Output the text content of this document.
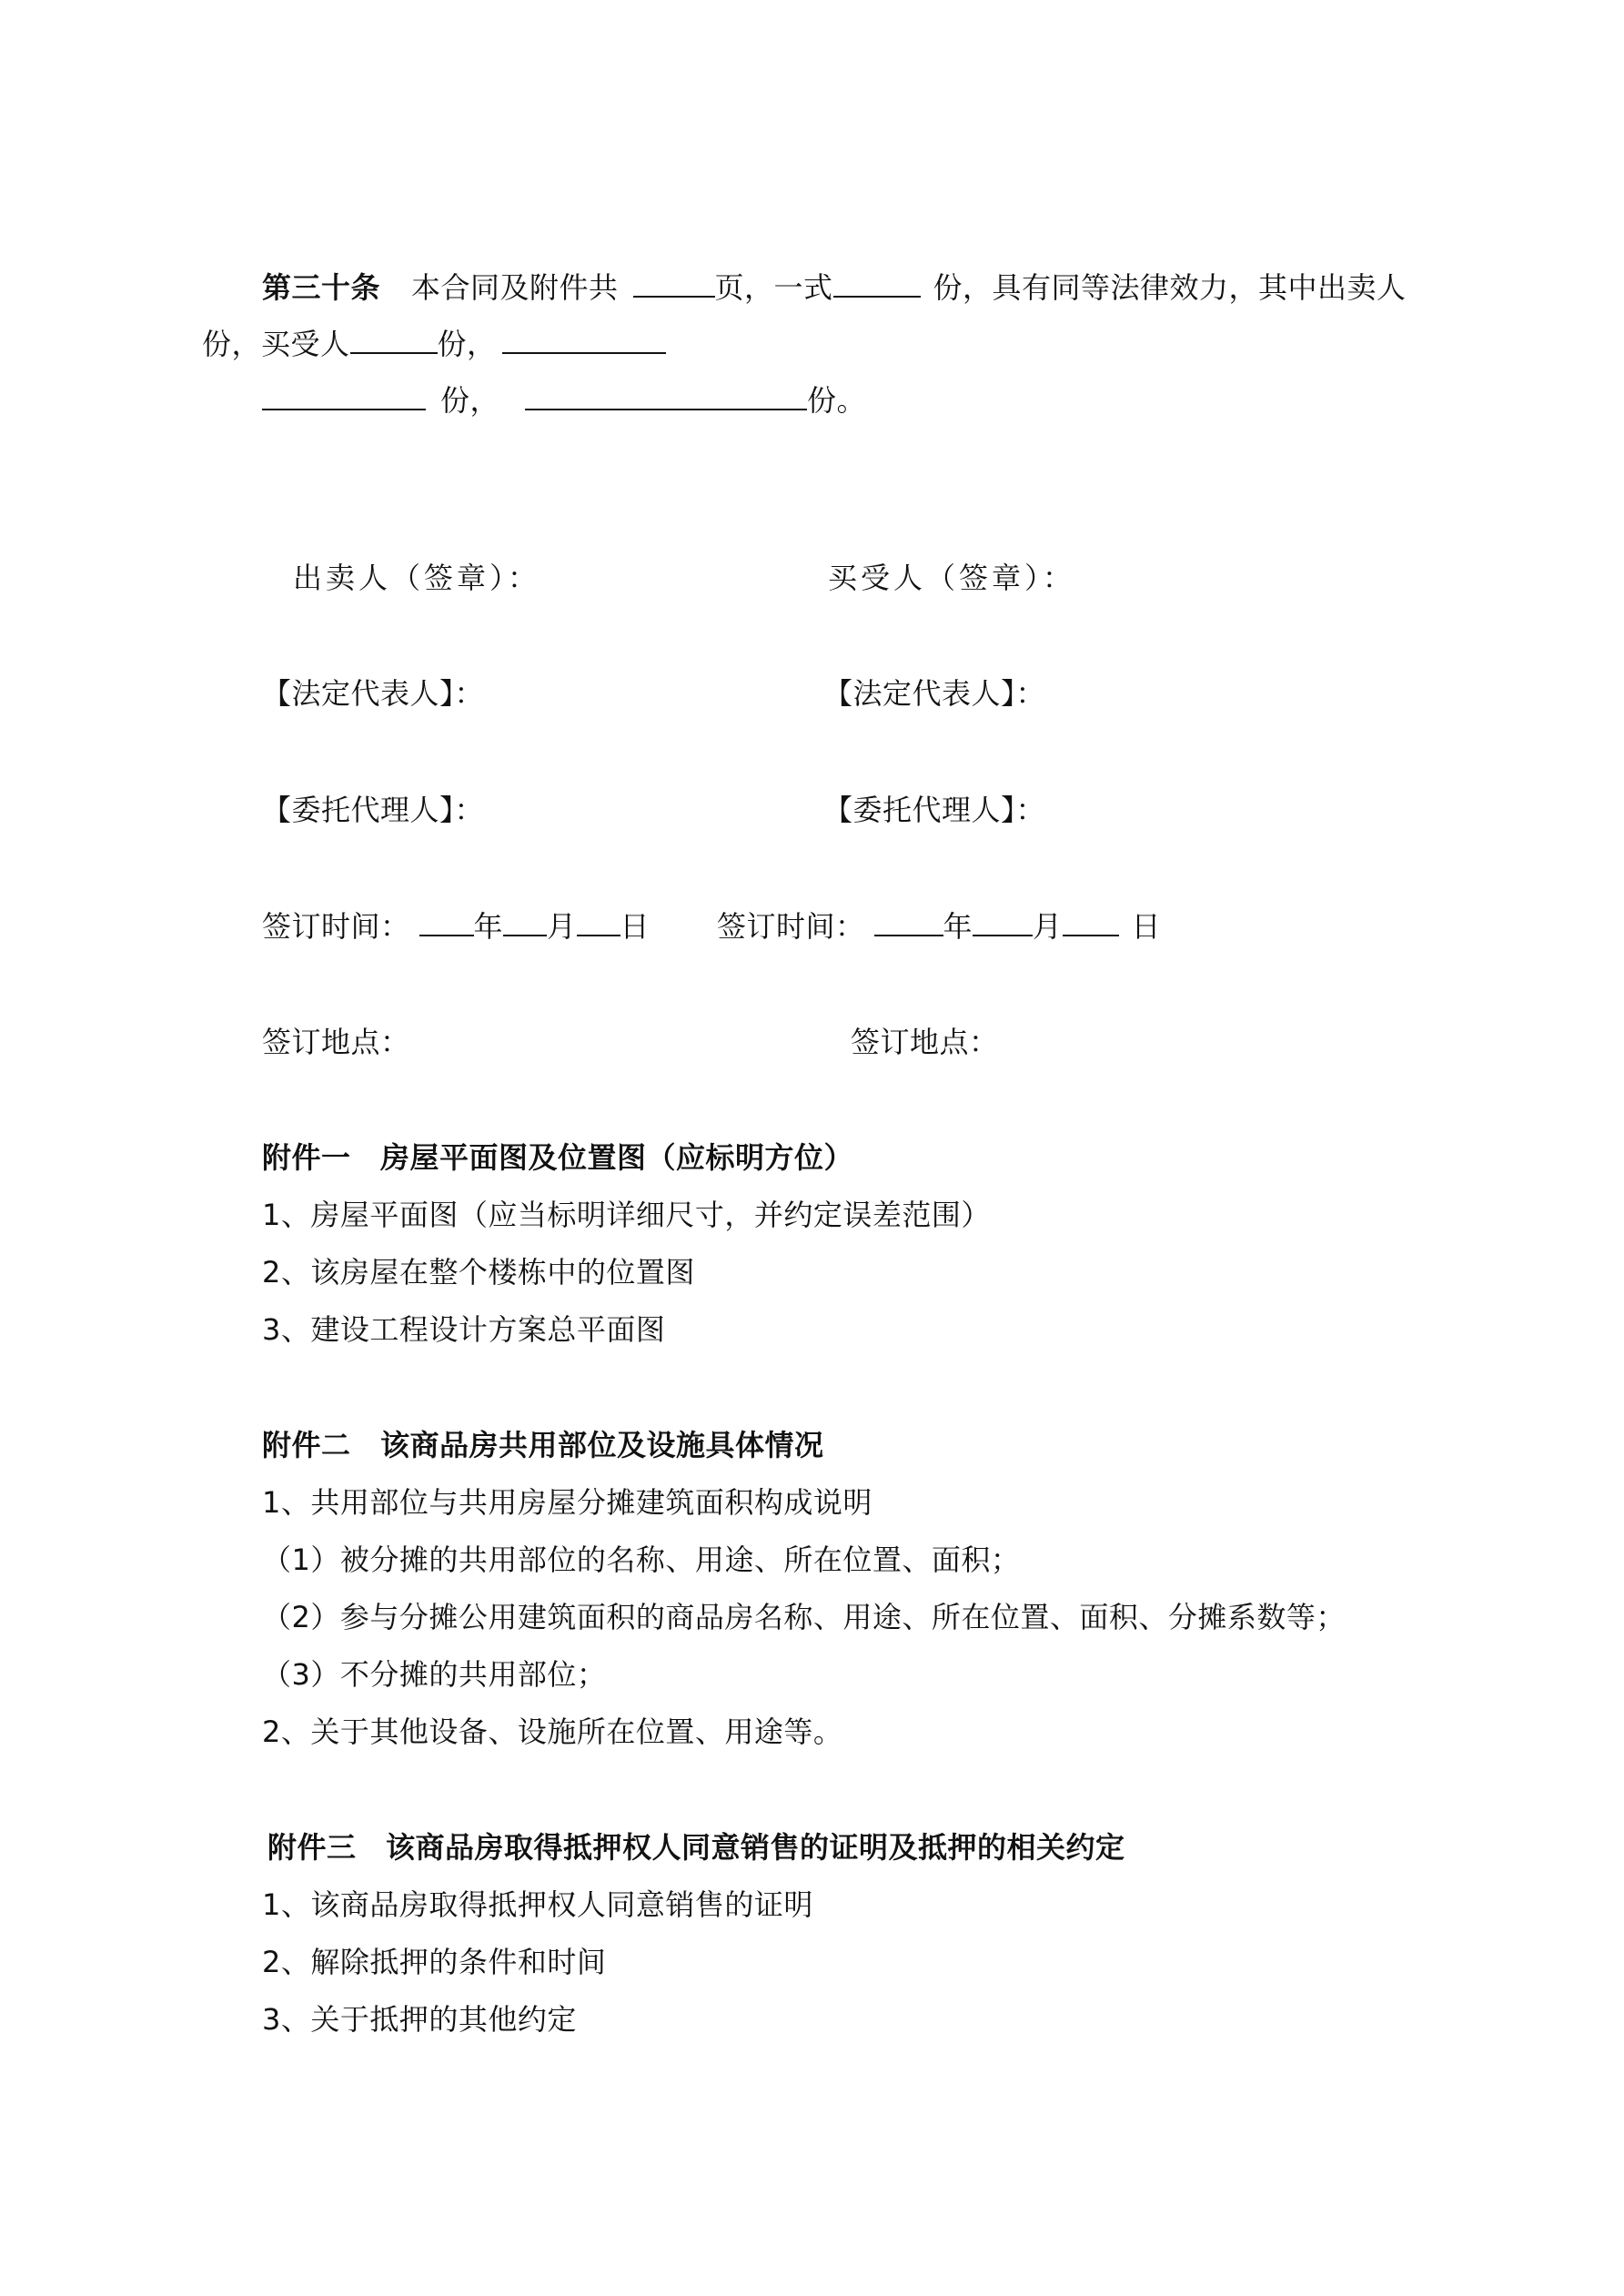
第三十条 本合同及附件共	页，一式	份，具有同等法律效力，其中出卖人
份，买受人	份，
份，	份。
出卖人（签章）：	买受人（签章）：
【法定代表人】：	【法定代表人】：
【委托代理人】：	【委托代理人】：
签订时间： 年 月 日 签订时间：	年 月 日
签订地点：	签订地点：
附件一　房屋平面图及位置图（应标明方位）
1、房屋平面图（应当标明详细尺寸，并约定误差范围）
2、该房屋在整个楼栋中的位置图
3、建设工程设计方案总平面图
附件二　该商品房共用部位及设施具体情况
1、共用部位与共用房屋分摊建筑面积构成说明
（1）被分摊的共用部位的名称、用途、所在位置、面积；
（2）参与分摊公用建筑面积的商品房名称、用途、所在位置、面积、分摊系数等；
（3）不分摊的共用部位；
2、关于其他设备、设施所在位置、用途等。
附件三　该商品房取得抵押权人同意销售的证明及抵押的相关约定
1、该商品房取得抵押权人同意销售的证明
2、解除抵押的条件和时间
3、关于抵押的其他约定
